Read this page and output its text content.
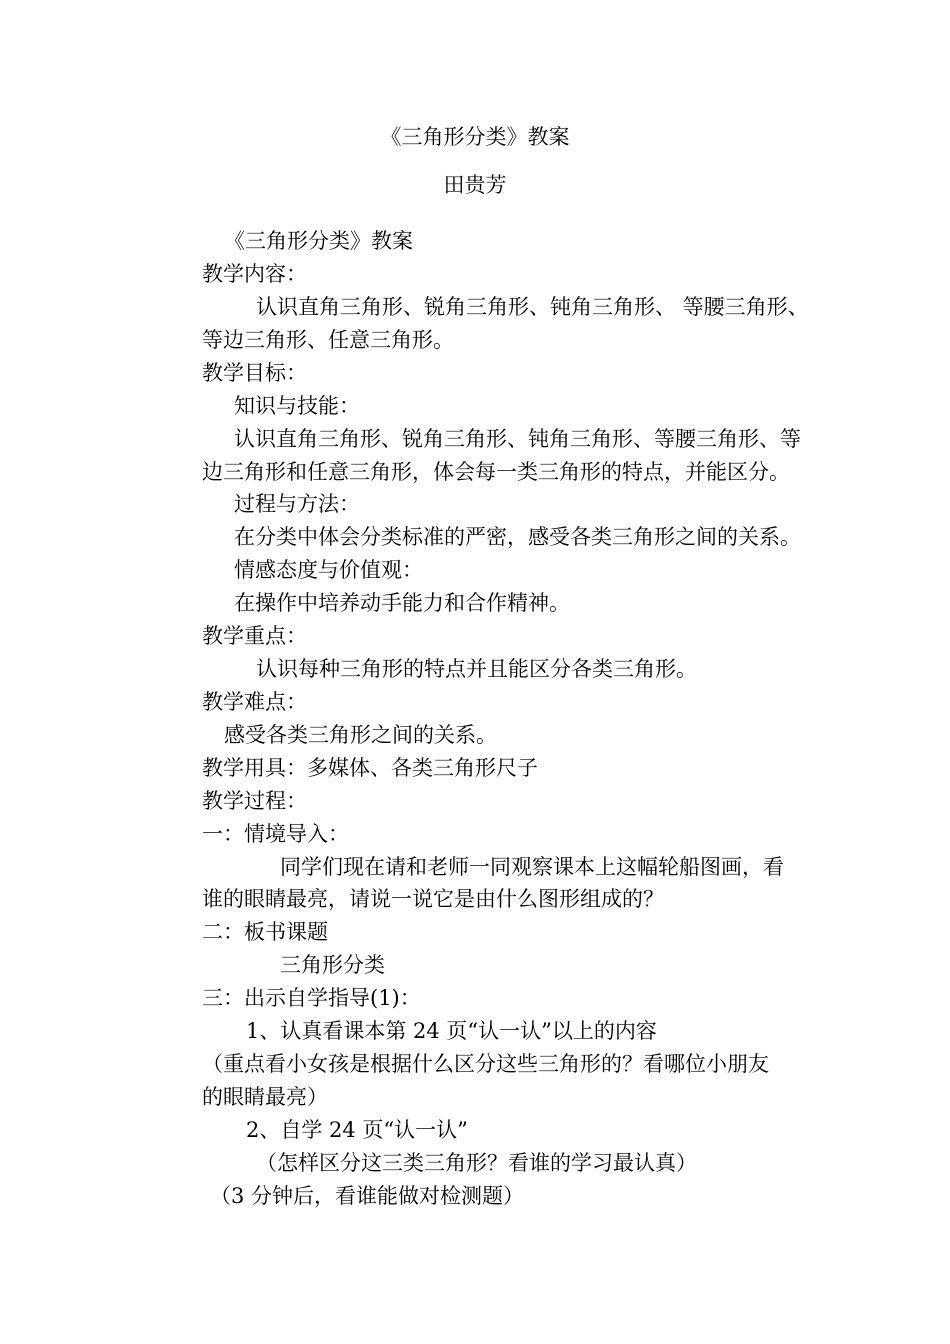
《三角形分类》教案
田贵芳
《三角形分类》教案
教学内容：
认识直角三角形、锐角三角形、钝角三角形、 等腰三角形、
等边三角形、任意三角形。
教学目标：
知识与技能：
认识直角三角形、锐角三角形、钝角三角形、等腰三角形、等
边三角形和任意三角形，体会每一类三角形的特点，并能区分。
过程与方法：
在分类中体会分类标准的严密，感受各类三角形之间的关系。
情感态度与价值观：
在操作中培养动手能力和合作精神。
教学重点：
认识每种三角形的特点并且能区分各类三角形。
教学难点：
感受各类三角形之间的关系。
教学用具：多媒体、各类三角形尺子
教学过程：
一：情境导入：
同学们现在请和老师一同观察课本上这幅轮船图画，看
谁的眼睛最亮，请说一说它是由什么图形组成的？
二：板书课题
三角形分类
三：出示自学指导(1)：
1、认真看课本第 24 页“认一认”以上的内容
（重点看小女孩是根据什么区分这些三角形的？看哪位小朋友
的眼睛最亮）
2、自学 24 页“认一认”
（怎样区分这三类三角形？看谁的学习最认真）
（3 分钟后，看谁能做对检测题）
